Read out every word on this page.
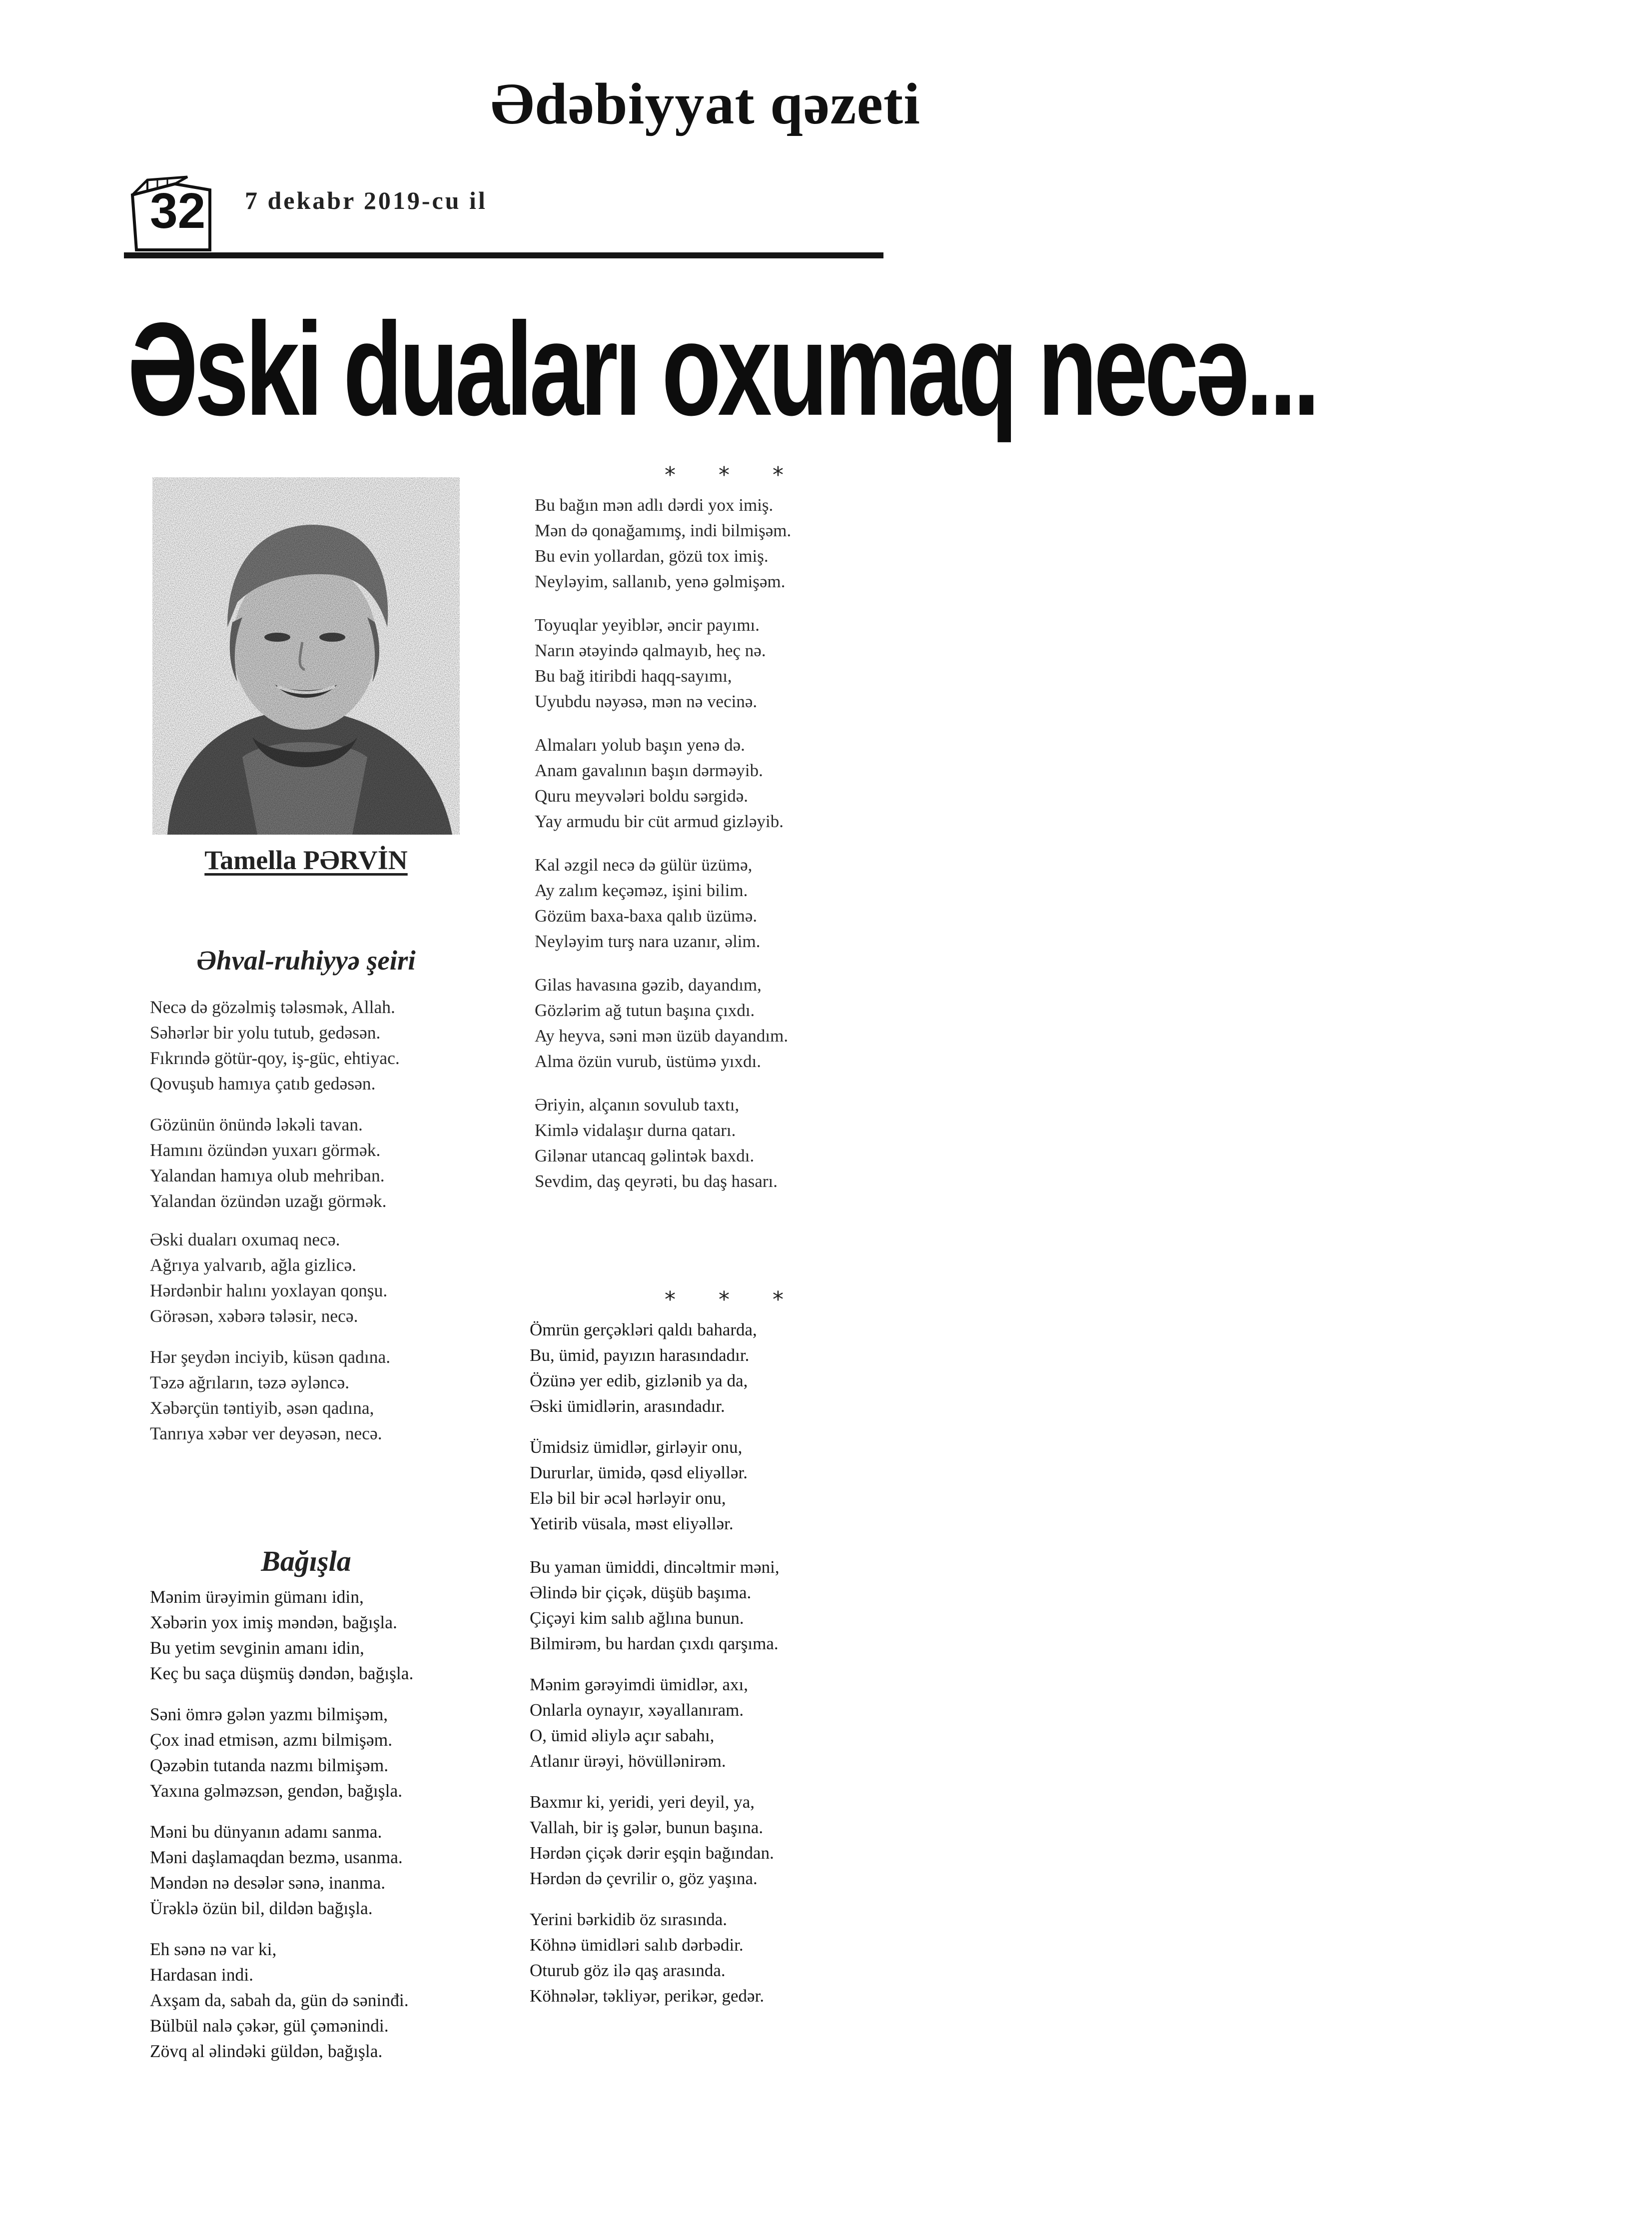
Ədəbiyyat qəzeti
32 7 dekabr 2019-cu il
Əski duaları oxumaq necə...
Tamella PƏRVİN
Əhval-ruhiyyə şeiri
Necə də gözəlmiş tələsmək, Allah.
Səhərlər bir yolu tutub, gedəsən.
Fıkrındə götür-qoy, iş-güc, ehtiyac.
Qovuşub hamıya çatıb gedəsən.
Gözünün önündə ləkəli tavan.
Hamını özündən yuxarı görmək.
Yalandan hamıya olub mehriban.
Yalandan özündən uzağı görmək.
Əski duaları oxumaq necə.
Ağrıya yalvarıb, ağla gizlicə.
Hərdənbir halını yoxlayan qonşu.
Görəsən, xəbərə tələsir, necə.
Hər şeydən inciyib, küsən qadına.
Təzə ağrıların, təzə əyləncə.
Xəbərçün təntiyib, əsən qadına,
Tanrıya xəbər ver deyəsən, necə.
Bağışla
Mənim ürəyimin gümanı idin,
Xəbərin yox imiş məndən, bağışla.
Bu yetim sevginin amanı idin,
Keç bu saça düşmüş dəndən, bağışla.
Səni ömrə gələn yazmı bilmişəm,
Çox inad etmisən, azmı bilmişəm.
Qəzəbin tutanda nazmı bilmişəm.
Yaxına gəlməzsən, gendən, bağışla.
Məni bu dünyanın adamı sanma.
Məni daşlamaqdan bezmə, usanma.
Məndən nə desələr sənə, inanma.
Ürəklə özün bil, dildən bağışla.
Eh sənə nə var ki,
Hardasan indi.
Axşam da, sabah da, gün də səninđi.
Bülbül nalə çəkər, gül çəmənindi.
Zövq al əlindəki güldən, bağışla.
* * *
Bu bağın mən adlı dərdi yox imiş.
Mən də qonağamımş, indi bilmişəm.
Bu evin yollardan, gözü tox imiş.
Neyləyim, sallanıb, yenə gəlmişəm.
Toyuqlar yeyiblər, əncir payımı.
Narın ətəyində qalmayıb, heç nə.
Bu bağ itiribdi haqq-sayımı,
Uyubdu nəyəsə, mən nə vecinə.
Almaları yolub başın yenə də.
Anam gavalının başın dərməyib.
Quru meyvələri boldu sərgidə.
Yay armudu bir cüt armud gizləyib.
Kal əzgil necə də gülür üzümə,
Ay zalım keçəməz, işini bilim.
Gözüm baxa-baxa qalıb üzümə.
Neyləyim turş nara uzanır, əlim.
Gilas havasına gəzib, dayandım,
Gözlərim ağ tutun başına çıxdı.
Ay heyva, səni mən üzüb dayandım.
Alma özün vurub, üstümə yıxdı.
Əriyin, alçanın sovulub taxtı,
Kimlə vidalaşır durna qatarı.
Gilənar utancaq gəlintək baxdı.
Sevdim, daş qeyrəti, bu daş hasarı.
* * *
Ömrün gerçəkləri qaldı baharda,
Bu, ümid, payızın harasındadır.
Özünə yer edib, gizlənib ya da,
Əski ümidlərin, arasındadır.
Ümidsiz ümidlər, girləyir onu,
Dururlar, ümidə, qəsd eliyəllər.
Elə bil bir əcəl hərləyir onu,
Yetirib vüsala, məst eliyəllər.
Bu yaman ümiddi, dincəltmir məni,
Əlində bir çiçək, düşüb başıma.
Çiçəyi kim salıb ağlına bunun.
Bilmirəm, bu hardan çıxdı qarşıma.
Mənim gərəyimdi ümidlər, axı,
Onlarla oynayır, xəyallanıram.
O, ümid əliylə açır sabahı,
Atlanır ürəyi, hövüllənirəm.
Baxmır ki, yeridi, yeri deyil, ya,
Vallah, bir iş gələr, bunun başına.
Hərdən çiçək dərir eşqin bağından.
Hərdən də çevrilir o, göz yaşına.
Yerini bərkidib öz sırasında.
Köhnə ümidləri salıb dərbədir.
Oturub göz ilə qaş arasında.
Köhnələr, təkliyər, perikər, gedər.
